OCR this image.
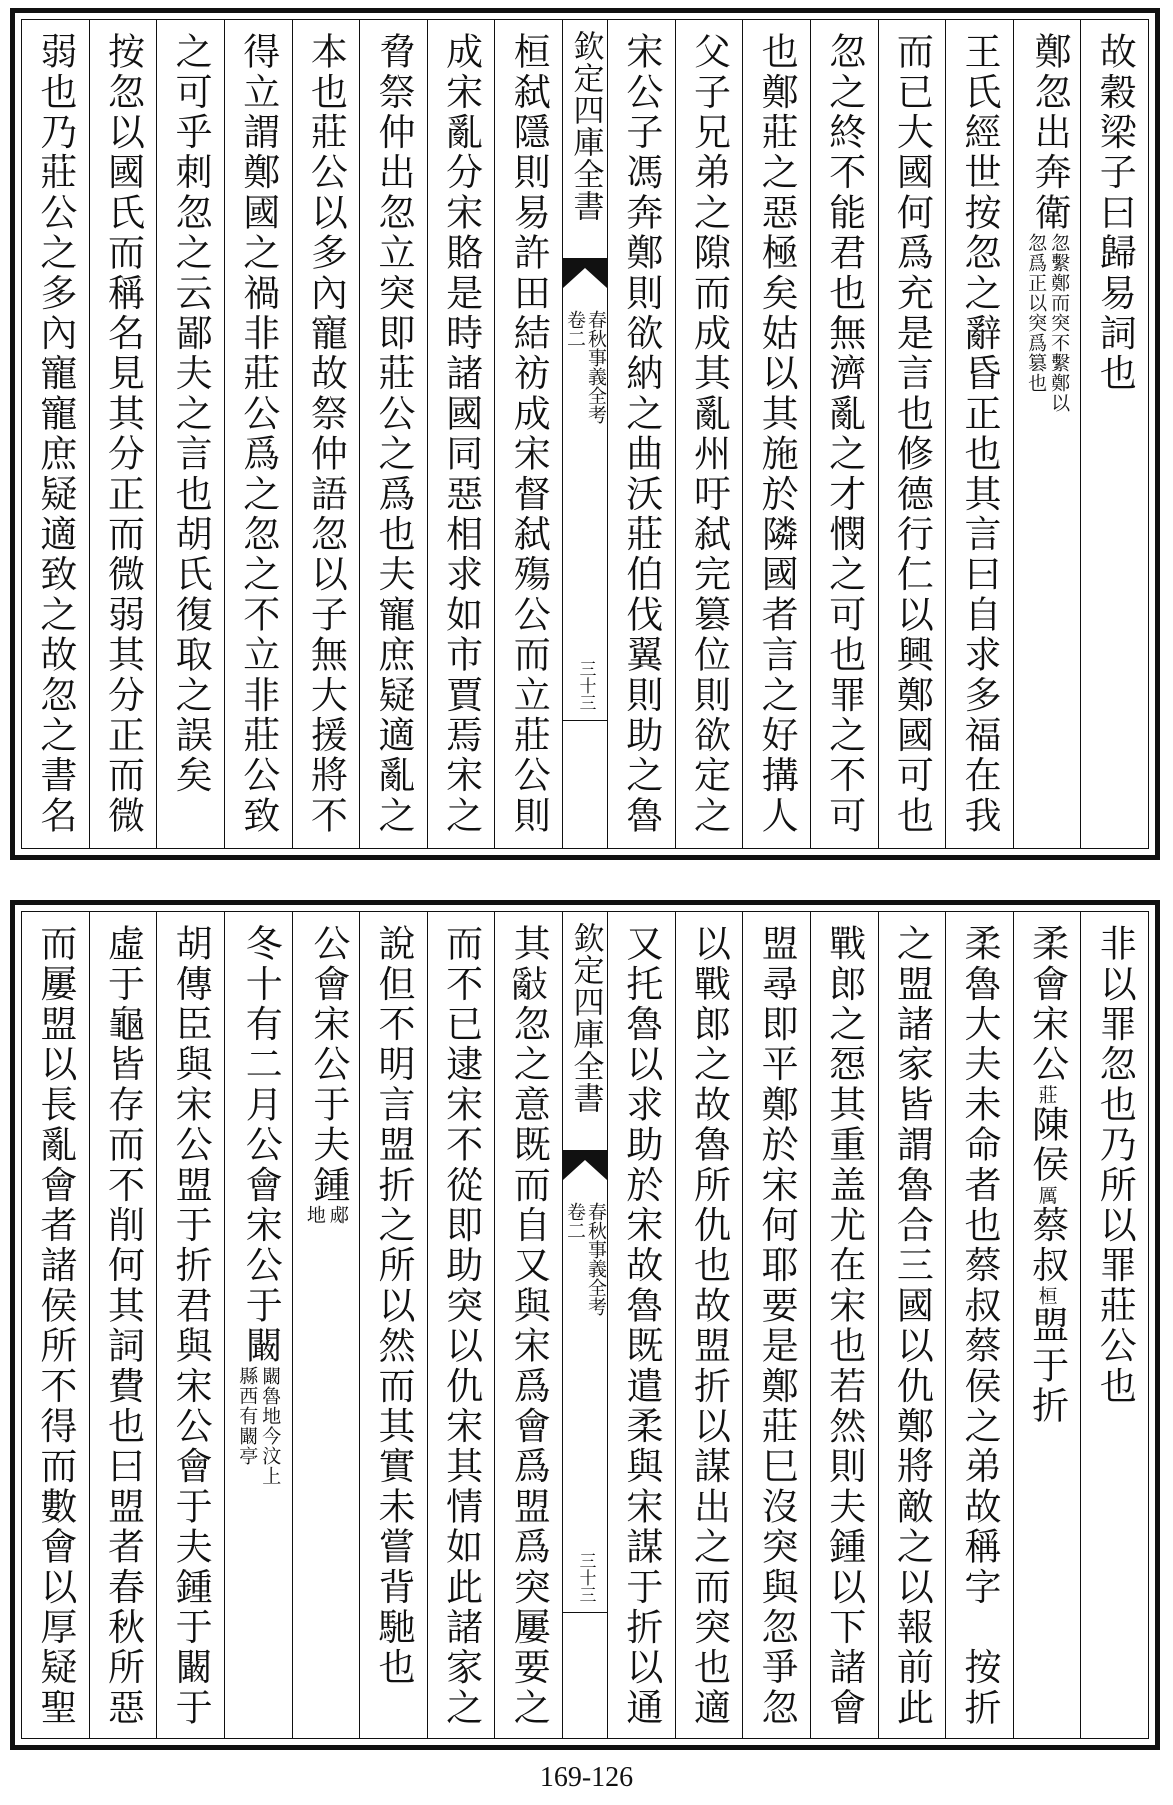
故穀梁子曰歸易詞也
鄭忽出奔衛
忽繫鄭而突不繫鄭以
忽爲正以突爲篡也
王氏經世按忽之辭昏正也其言曰自求多福在我
而已大國何爲充是言也修德行仁以興鄭國可也
忽之終不能君也無濟亂之才憫之可也罪之不可
也鄭莊之惡極矣姑以其施於隣國者言之好搆人
父子兄弟之隙而成其亂州吁弑完篡位則欲定之
宋公子馮奔鄭則欲納之曲沃莊伯伐翼則助之魯
欽定四庫全書
春秋事義全考
卷二
三十三
桓弑隱則易許田結祊成宋督弑殤公而立莊公則
成宋亂分宋賂是時諸國同惡相求如市賈焉宋之
脅祭仲出忽立突即莊公之爲也夫寵庶疑適亂之
本也莊公以多內寵故祭仲語忽以子無大援將不
得立謂鄭國之禍非莊公爲之忽之不立非莊公致
之可乎刺忽之云鄙夫之言也胡氏復取之誤矣
按忽以國氏而稱名見其分正而微弱其分正而微
弱也乃莊公之多內寵寵庶疑適致之故忽之書名
非以罪忽也乃所以罪莊公也
柔會宋公莊陳侯厲蔡叔桓盟于折
柔魯大夫未命者也蔡叔蔡侯之弟故稱字　按折
之盟諸家皆謂魯合三國以仇鄭將敵之以報前此
戰郎之㤪其重盖尤在宋也若然則夫鍾以下諸會
盟尋即平鄭於宋何耶要是鄭莊巳沒突與忽爭忽
以戰郎之故魯所仇也故盟折以謀出之而突也適
又托魯以求助於宋故魯既遣柔與宋謀于折以通
欽定四庫全書
春秋事義全考
卷二
三十三
其𢿢忽之意既而自又與宋爲會爲盟爲突屢要之
而不已逮宋不從即助突以仇宋其情如此諸家之
說但不明言盟折之所以然而其實未嘗背馳也
公會宋公于夫鍾
郕
地
冬十有二月公會宋公于闞
闞魯地今汶上
縣西有闞亭
胡傳臣與宋公盟于折君與宋公會于夫鍾于闞于
虛于龜皆存而不削何其詞費也曰盟者春秋所惡
而屢盟以長亂會者諸侯所不得而數會以厚疑聖
169-126
